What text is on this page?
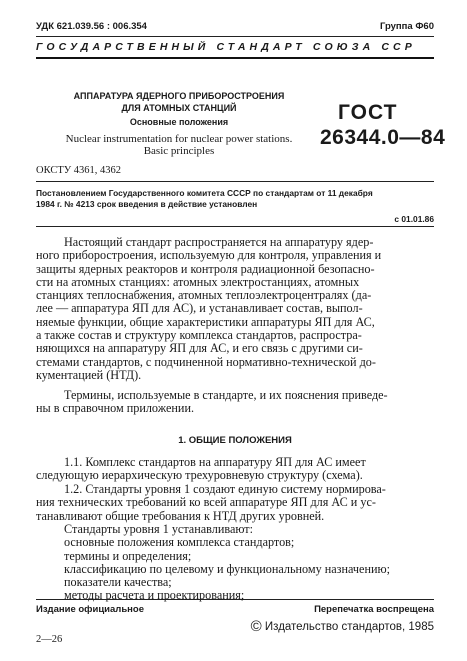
УДК 621.039.56 : 006.354	Группа Ф60
ГОСУДАРСТВЕННЫЙ СТАНДАРТ СОЮЗА ССР
АППАРАТУРА ЯДЕРНОГО ПРИБОРОСТРОЕНИЯ
ДЛЯ АТОМНЫХ СТАНЦИЙ
Основные положения
Nuclear instrumentation for nuclear power stations.
Basic principles
ГОСТ
26344.0—84
ОКСТУ 4361, 4362
Постановлением Государственного комитета СССР по стандартам от 11 декабря
1984 г. № 4213 срок введения в действие установлен
с 01.01.86
Настоящий стандарт распространяется на аппаратуру ядер-
ного приборостроения, используемую для контроля, управления и
защиты ядерных реакторов и контроля радиационной безопасно-
сти на атомных станциях: атомных электростанциях, атомных
станциях теплоснабжения, атомных теплоэлектроцентралях (да-
лее — аппаратура ЯП для АС), и устанавливает состав, выпол-
няемые функции, общие характеристики аппаратуры ЯП для АС,
а также состав и структуру комплекса стандартов, распростра-
няющихся на аппаратуру ЯП для АС, и его связь с другими си-
стемами стандартов, с подчиненной нормативно-технической до-
кументацией (НТД).
Термины, используемые в стандарте, и их пояснения приведе-
ны в справочном приложении.
1. ОБЩИЕ ПОЛОЖЕНИЯ
1.1. Комплекс стандартов на аппаратуру ЯП для АС имеет
следующую иерархическую трехуровневую структуру (схема).
1.2. Стандарты уровня 1 создают единую систему нормирова-
ния технических требований ко всей аппаратуре ЯП для АС и ус-
танавливают общие требования к НТД других уровней.
Стандарты уровня 1 устанавливают:
основные положения комплекса стандартов;
термины и определения;
классификацию по целевому и функциональному назначению;
показатели качества;
методы расчета и проектирования;
Издание официальное	Перепечатка воспрещена
© Издательство стандартов, 1985
2—26
